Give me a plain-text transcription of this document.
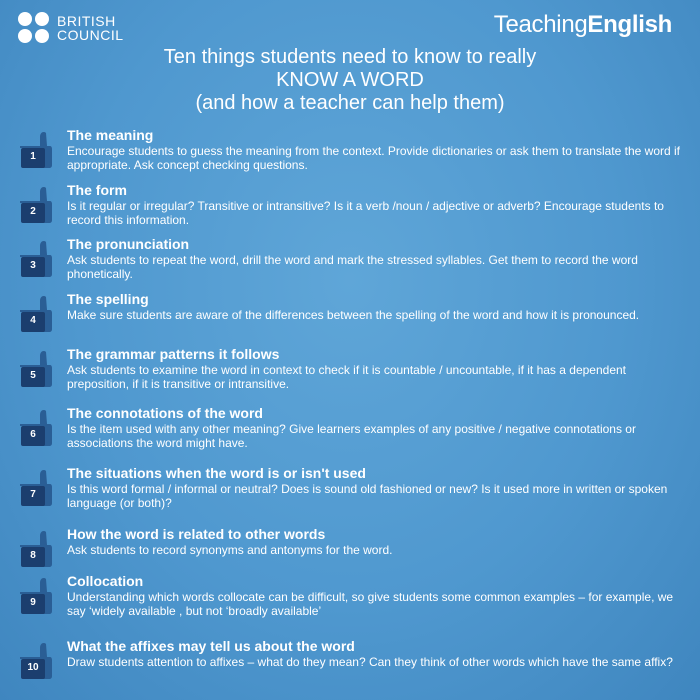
BRITISH
COUNCIL	TeachingEnglish
Ten things students need to know to really
KNOW A WORD
(and how a teacher can help them)
1
The meaning
Encourage students to guess the meaning from the context. Provide dictionaries or ask them to translate the word if appropriate. Ask concept checking questions.
2
The form
Is it regular or irregular? Transitive or intransitive? Is it a verb /noun / adjective or adverb? Encourage students to record this information.
3
The pronunciation
Ask students to repeat the word, drill the word and mark the stressed syllables. Get them to record the word phonetically.
4
The spelling
Make sure students are aware of the differences between the spelling of the word and how it is pronounced.
5
The grammar patterns it follows
Ask students to examine the word in context to check if it is countable / uncountable, if it has a dependent preposition, if it is transitive or intransitive.
6
The connotations of the word
Is the item used with any other meaning? Give learners examples of any positive / negative connotations or associations the word might have.
7
The situations when the word is or isn't used
Is this word formal / informal or neutral? Does is sound old fashioned or new? Is it used more in written or spoken language (or both)?
8
How the word is related to other words
Ask students to record synonyms and antonyms for the word.
9
Collocation
Understanding which words collocate can be difficult, so give students some common examples – for example, we say ‘widely available , but not ‘broadly available’
10
What the affixes may tell us about the word
Draw students attention to affixes – what do they mean? Can they think of other words which have the same affix?
